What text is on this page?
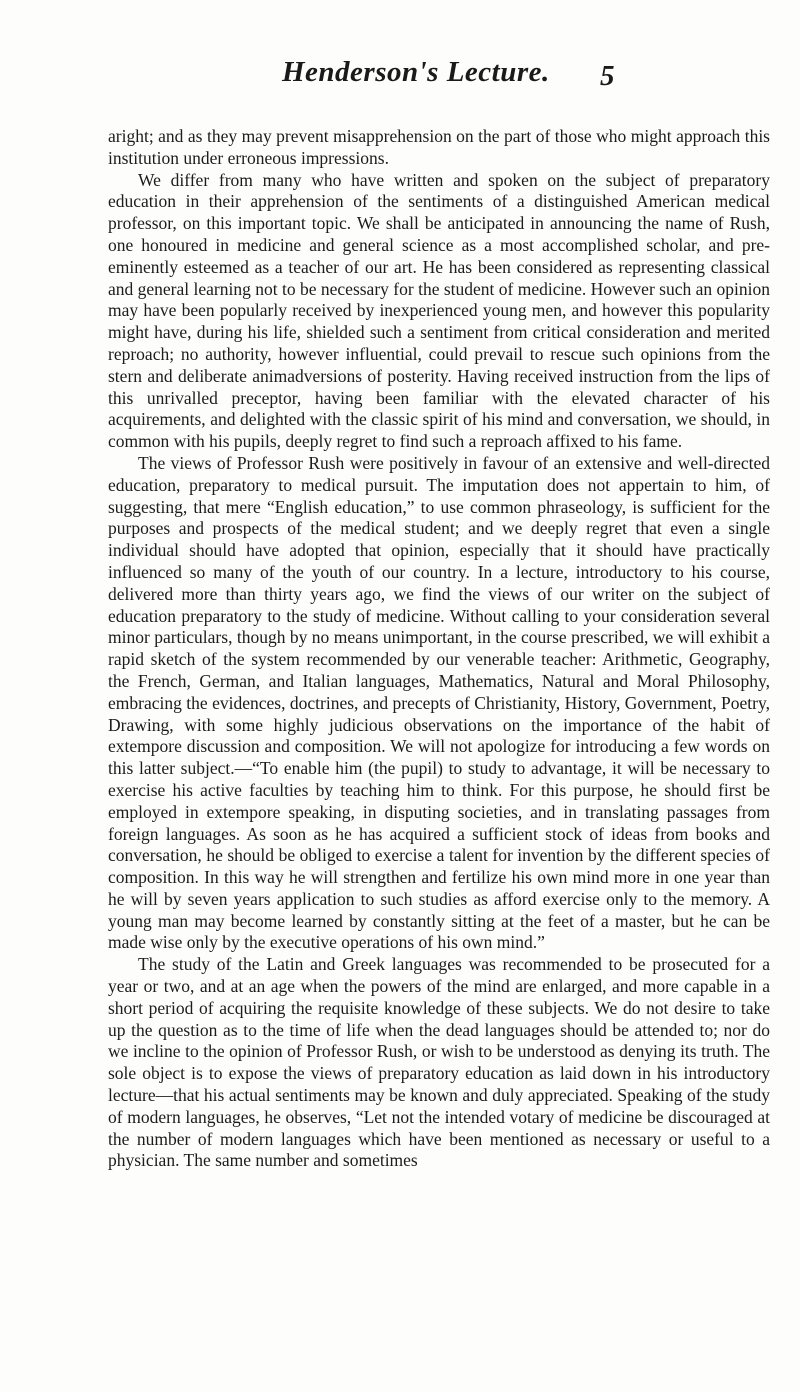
Henderson's Lecture. 5

aright; and as they may prevent misapprehension on the part of those who might approach this institution under erroneous impressions.

We differ from many who have written and spoken on the subject of preparatory education in their apprehension of the sentiments of a distinguished American medical professor, on this important topic. We shall be anticipated in announcing the name of Rush, one honoured in medicine and general science as a most accomplished scholar, and pre-eminently esteemed as a teacher of our art. He has been considered as representing classical and general learning not to be necessary for the student of medicine. However such an opinion may have been popularly received by inexperienced young men, and however this popularity might have, during his life, shielded such a sentiment from critical consideration and merited reproach; no authority, however influential, could prevail to rescue such opinions from the stern and deliberate animadversions of posterity. Having received instruction from the lips of this unrivalled preceptor, having been familiar with the elevated character of his acquirements, and delighted with the classic spirit of his mind and conversation, we should, in common with his pupils, deeply regret to find such a reproach affixed to his fame.

The views of Professor Rush were positively in favour of an extensive and well-directed education, preparatory to medical pursuit. The imputation does not appertain to him, of suggesting, that mere “English education,” to use common phraseology, is sufficient for the purposes and prospects of the medical student; and we deeply regret that even a single individual should have adopted that opinion, especially that it should have practically influenced so many of the youth of our country. In a lecture, introductory to his course, delivered more than thirty years ago, we find the views of our writer on the subject of education preparatory to the study of medicine. Without calling to your consideration several minor particulars, though by no means unimportant, in the course prescribed, we will exhibit a rapid sketch of the system recommended by our venerable teacher: Arithmetic, Geography, the French, German, and Italian languages, Mathematics, Natural and Moral Philosophy, embracing the evidences, doctrines, and precepts of Christianity, History, Government, Poetry, Drawing, with some highly judicious observations on the importance of the habit of extempore discussion and composition. We will not apologize for introducing a few words on this latter subject.—“To enable him (the pupil) to study to advantage, it will be necessary to exercise his active faculties by teaching him to think. For this purpose, he should first be employed in extempore speaking, in disputing societies, and in translating passages from foreign languages. As soon as he has acquired a sufficient stock of ideas from books and conversation, he should be obliged to exercise a talent for invention by the different species of composition. In this way he will strengthen and fertilize his own mind more in one year than he will by seven years application to such studies as afford exercise only to the memory. A young man may become learned by constantly sitting at the feet of a master, but he can be made wise only by the executive operations of his own mind.”

The study of the Latin and Greek languages was recommended to be prosecuted for a year or two, and at an age when the powers of the mind are enlarged, and more capable in a short period of acquiring the requisite knowledge of these subjects. We do not desire to take up the question as to the time of life when the dead languages should be attended to; nor do we incline to the opinion of Professor Rush, or wish to be understood as denying its truth. The sole object is to expose the views of preparatory education as laid down in his introductory lecture—that his actual sentiments may be known and duly appreciated. Speaking of the study of modern languages, he observes, “Let not the intended votary of medicine be discouraged at the number of modern languages which have been mentioned as necessary or useful to a physician. The same number and sometimes
